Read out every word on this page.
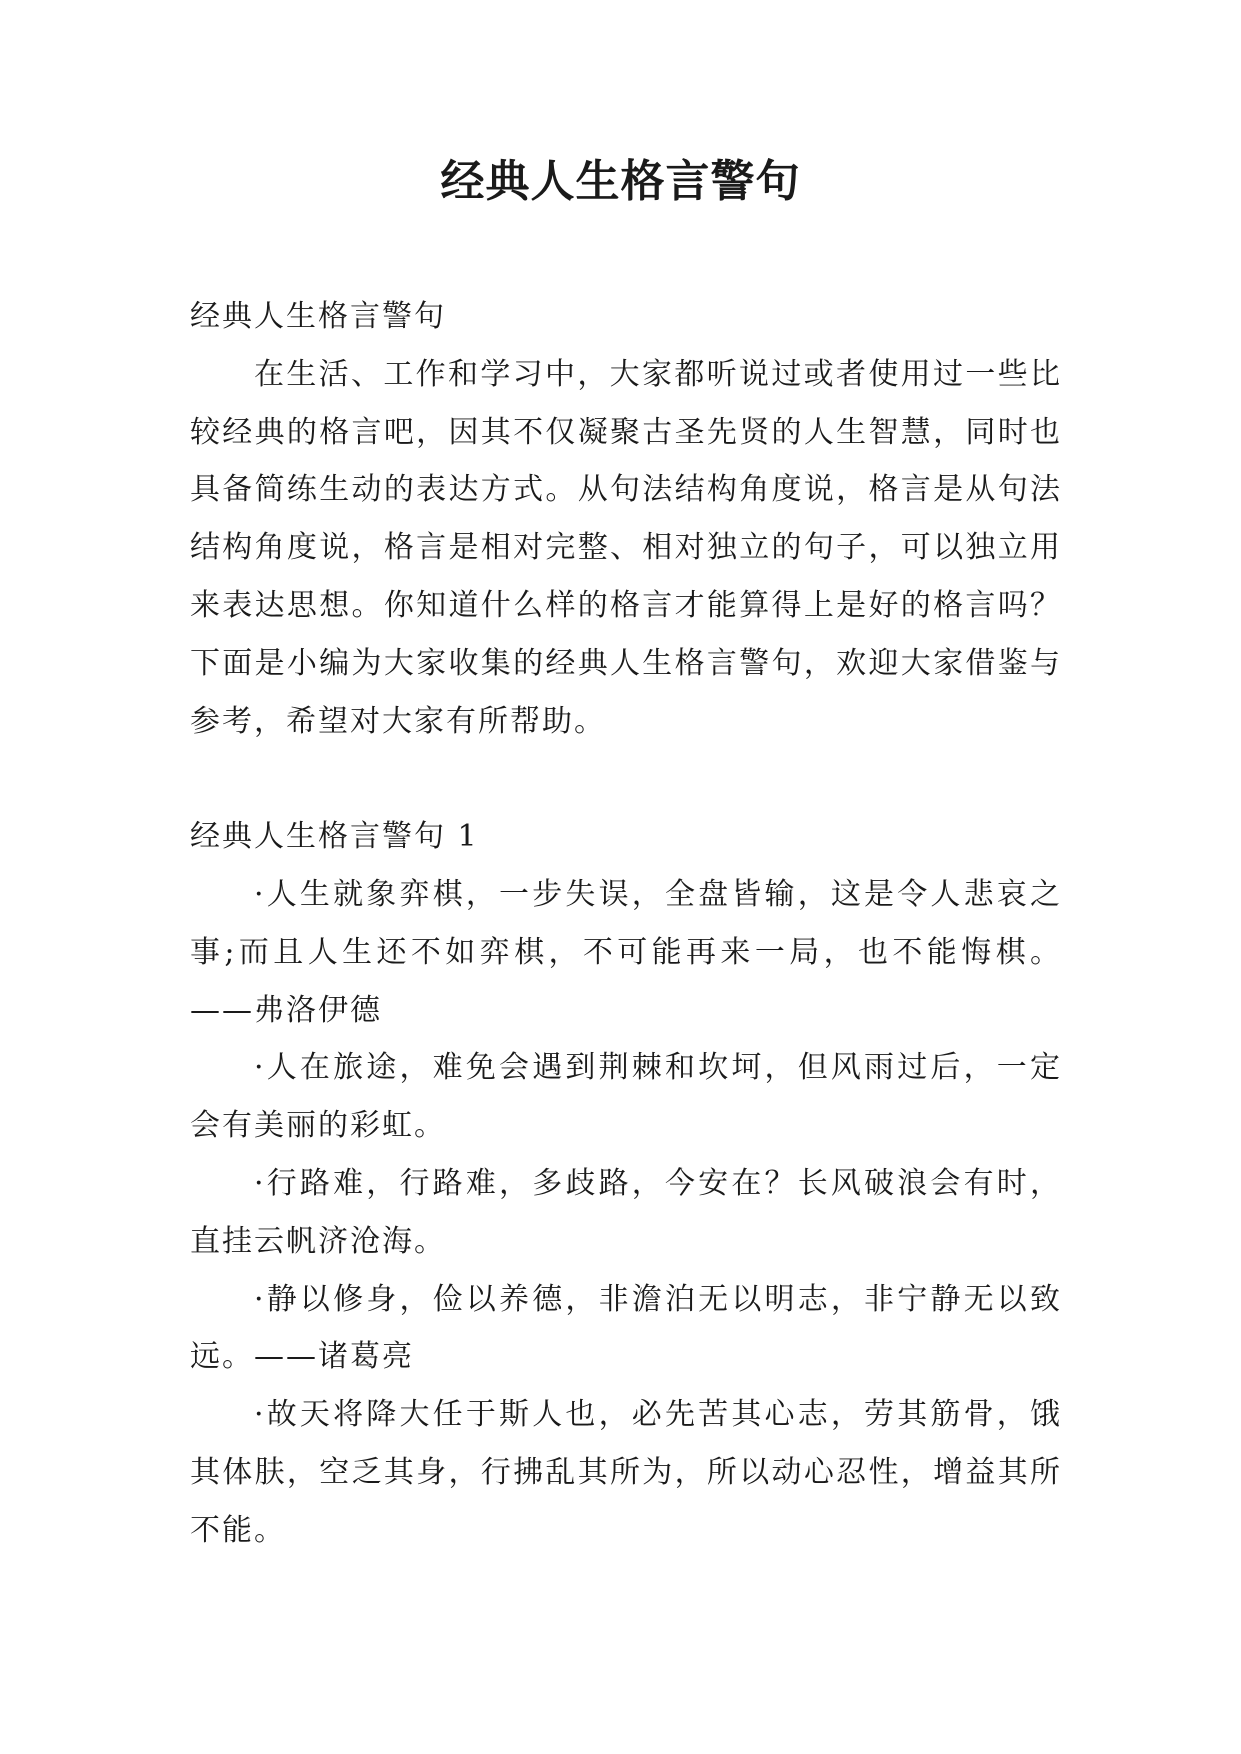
经典人生格言警句

经典人生格言警句

在生活、工作和学习中，大家都听说过或者使用过一些比较经典的格言吧，因其不仅凝聚古圣先贤的人生智慧，同时也具备简练生动的表达方式。从句法结构角度说，格言是从句法结构角度说，格言是相对完整、相对独立的句子，可以独立用来表达思想。你知道什么样的格言才能算得上是好的格言吗？下面是小编为大家收集的经典人生格言警句，欢迎大家借鉴与参考，希望对大家有所帮助。

经典人生格言警句 1

·人生就象弈棋，一步失误，全盘皆输，这是令人悲哀之事;而且人生还不如弈棋，不可能再来一局，也不能悔棋。——弗洛伊德

·人在旅途，难免会遇到荆棘和坎坷，但风雨过后，一定会有美丽的彩虹。

·行路难，行路难，多歧路，今安在？长风破浪会有时，直挂云帆济沧海。

·静以修身，俭以养德，非澹泊无以明志，非宁静无以致远。——诸葛亮

·故天将降大任于斯人也，必先苦其心志，劳其筋骨，饿其体肤，空乏其身，行拂乱其所为，所以动心忍性，增益其所不能。
